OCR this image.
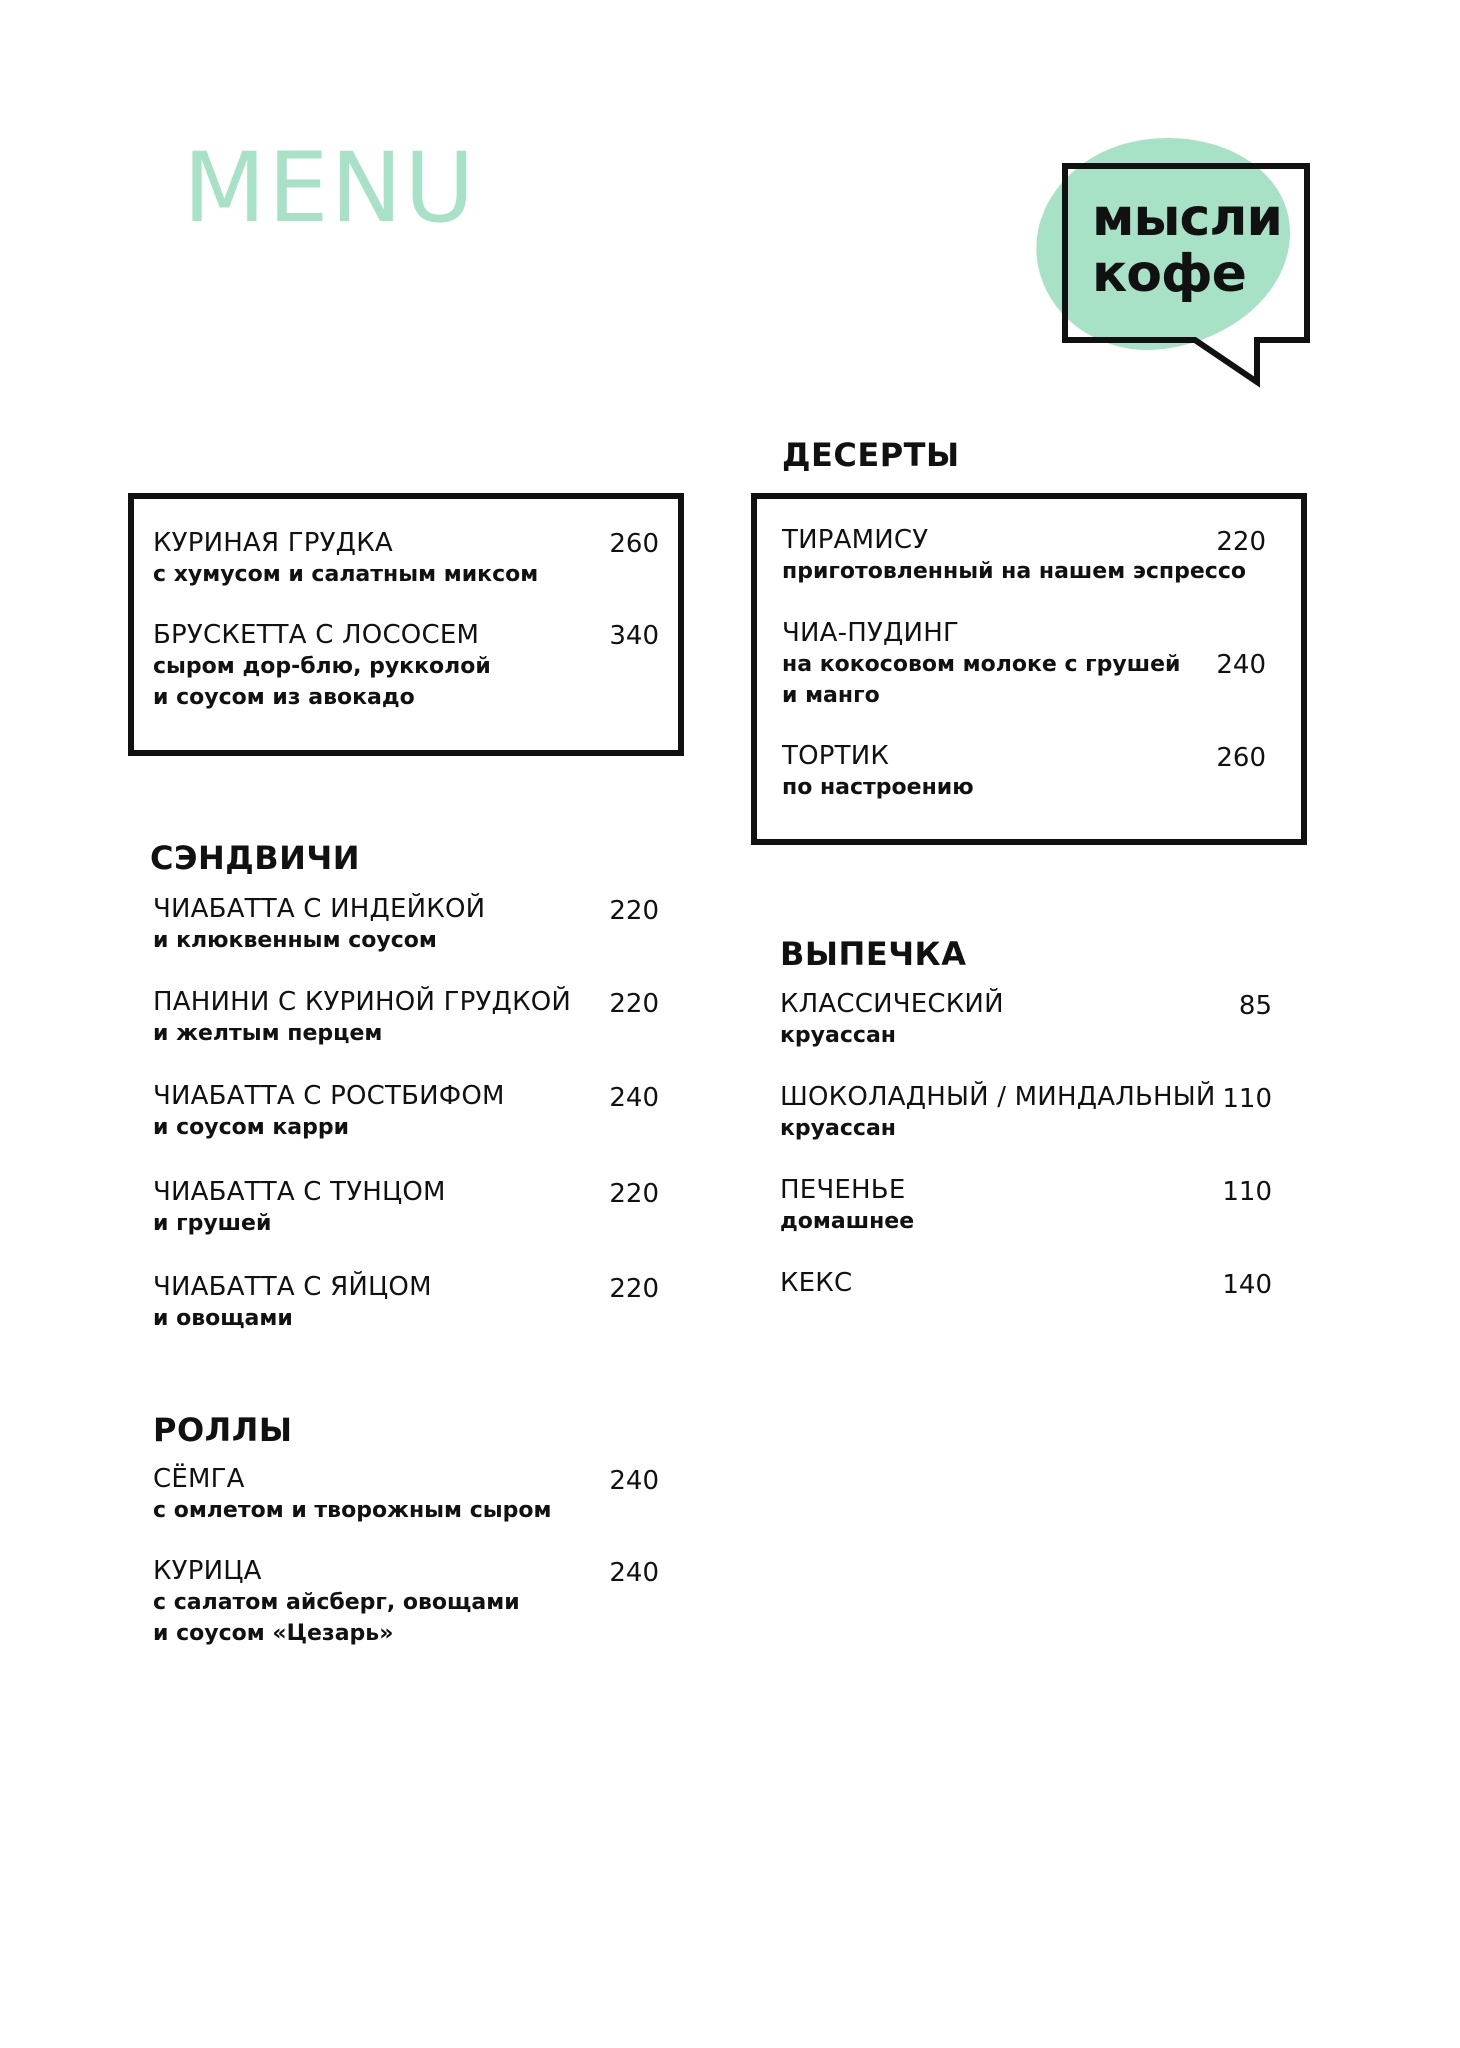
MENU	мысли
кофе
КУРИНАЯ ГРУДКА
с хумусом и салатным миксом
260
БРУСКЕТТА С ЛОСОСЕМ
сыром дор-блю, рукколой
и соусом из авокадо
340
СЭНДВИЧИ
ЧИАБАТТА С ИНДЕЙКОЙ
и клюквенным соусом
220
ПАНИНИ С КУРИНОЙ ГРУДКОЙ
и желтым перцем
220
ЧИАБАТТА С РОСТБИФОМ
и соусом карри
240
ЧИАБАТТА С ТУНЦОМ
и грушей
220
ЧИАБАТТА С ЯЙЦОМ
и овощами
220
РОЛЛЫ
СЁМГА
с омлетом и творожным сыром
240
КУРИЦА
с салатом айсберг, овощами
и соусом «Цезарь»
240
ДЕСЕРТЫ
ТИРАМИСУ
приготовленный на нашем эспрессо
220
ЧИА-ПУДИНГ
на кокосовом молоке с грушей
и манго
240
ТОРТИК
по настроению
260
ВЫПЕЧКА
КЛАССИЧЕСКИЙ
круассан
85
ШОКОЛАДНЫЙ / МИНДАЛЬНЫЙ
круассан
110
ПЕЧЕНЬЕ
домашнее
110
КЕКС	140
